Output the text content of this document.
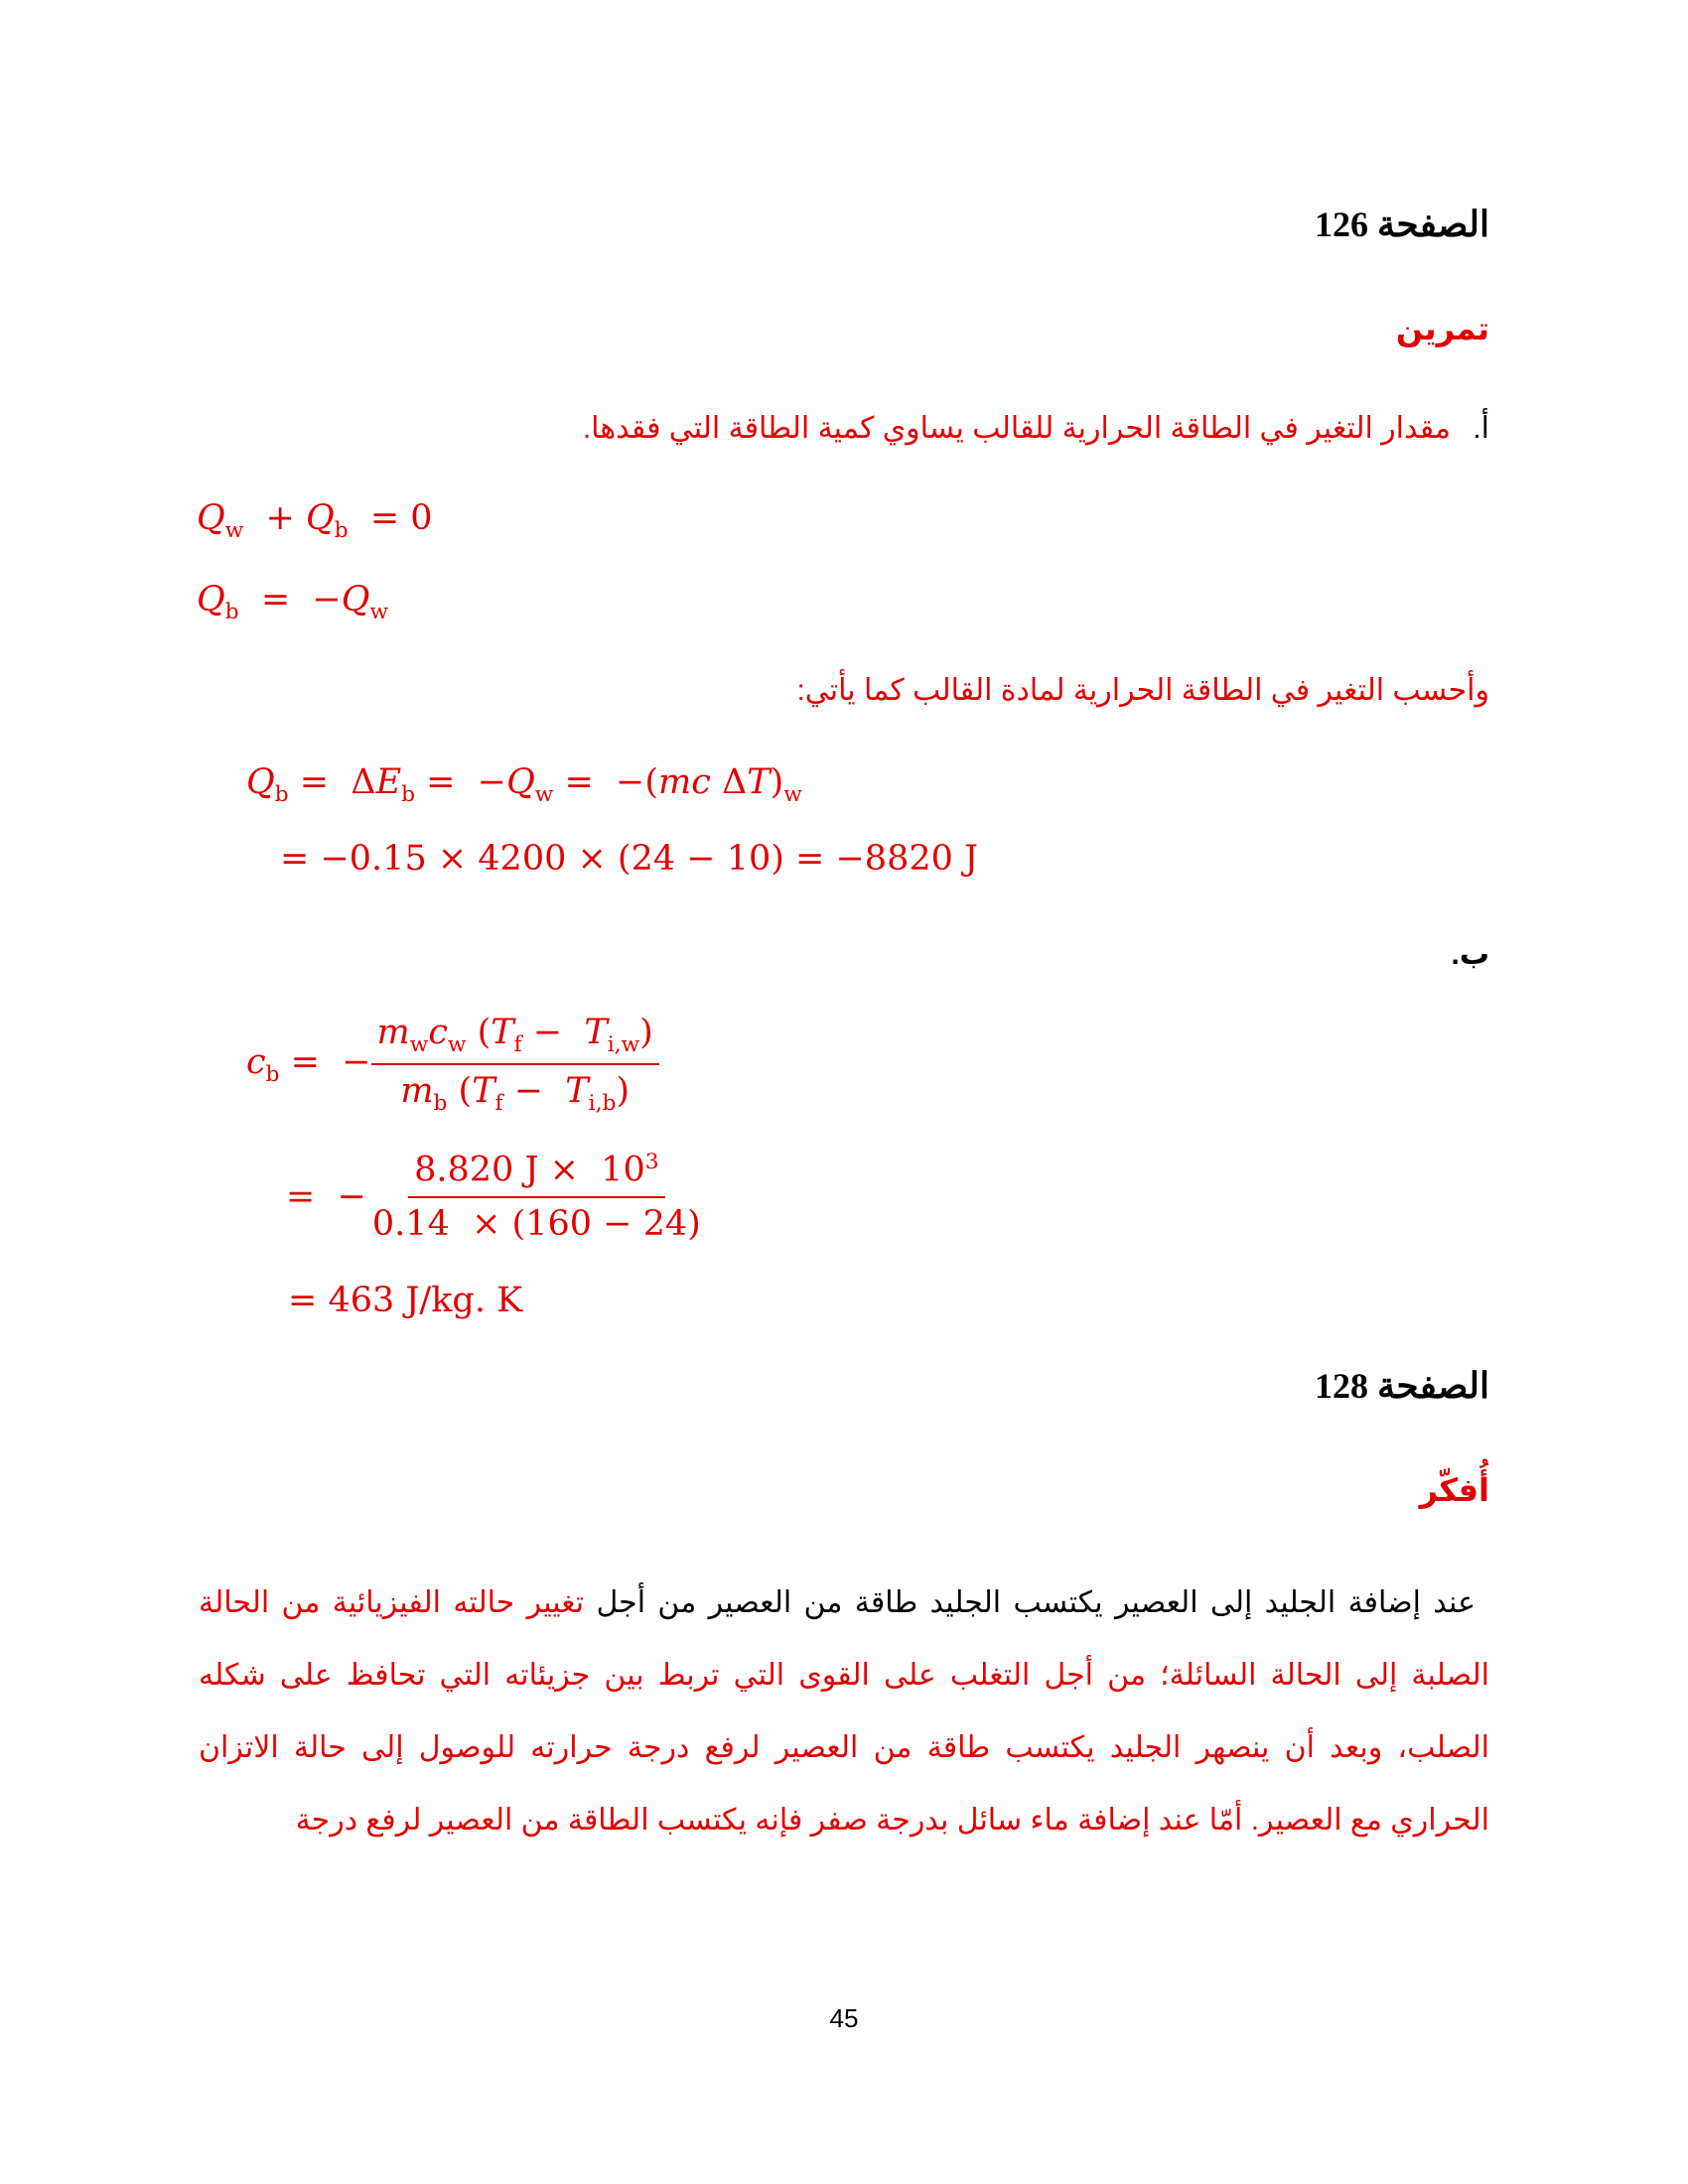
الصفحة 126
تمرين
أ. مقدار التغير في الطاقة الحرارية للقالب يساوي كمية الطاقة التي فقدها.
$Q_w + Q_b = 0$
$Q_b = -Q_w$
وأحسب التغير في الطاقة الحرارية لمادة القالب كما يأتي:
$Q_b = \Delta E_b = -Q_w = -(mc$ $\Delta T)_w$
= −0.15 × 4200 × (24 − 10) = −8820 J
ب.
$c_b$ =  − $\frac{m_wc_w (T_f - T_{i,w})}{m_b (T_f - T_{i,b})}$
=  − $\frac{8.820 J \times 10^3}{0.14 \times (160 - 24)}$
= 463 J/kg. K
الصفحة 128
أُفكّر
عند إضافة الجليد إلى العصير يكتسب الجليد طاقة من العصير من أجل تغيير حالته الفيزيائية من الحالة الصلبة إلى الحالة السائلة؛ من أجل التغلب على القوى التي تربط بين جزيئاته التي تحافظ على شكله الصلب، وبعد أن ينصهر الجليد يكتسب طاقة من العصير لرفع درجة حرارته للوصول إلى حالة الاتزان الحراري مع العصير. أمّا عند إضافة ماء سائل بدرجة صفر فإنه يكتسب الطاقة من العصير لرفع درجة
45
